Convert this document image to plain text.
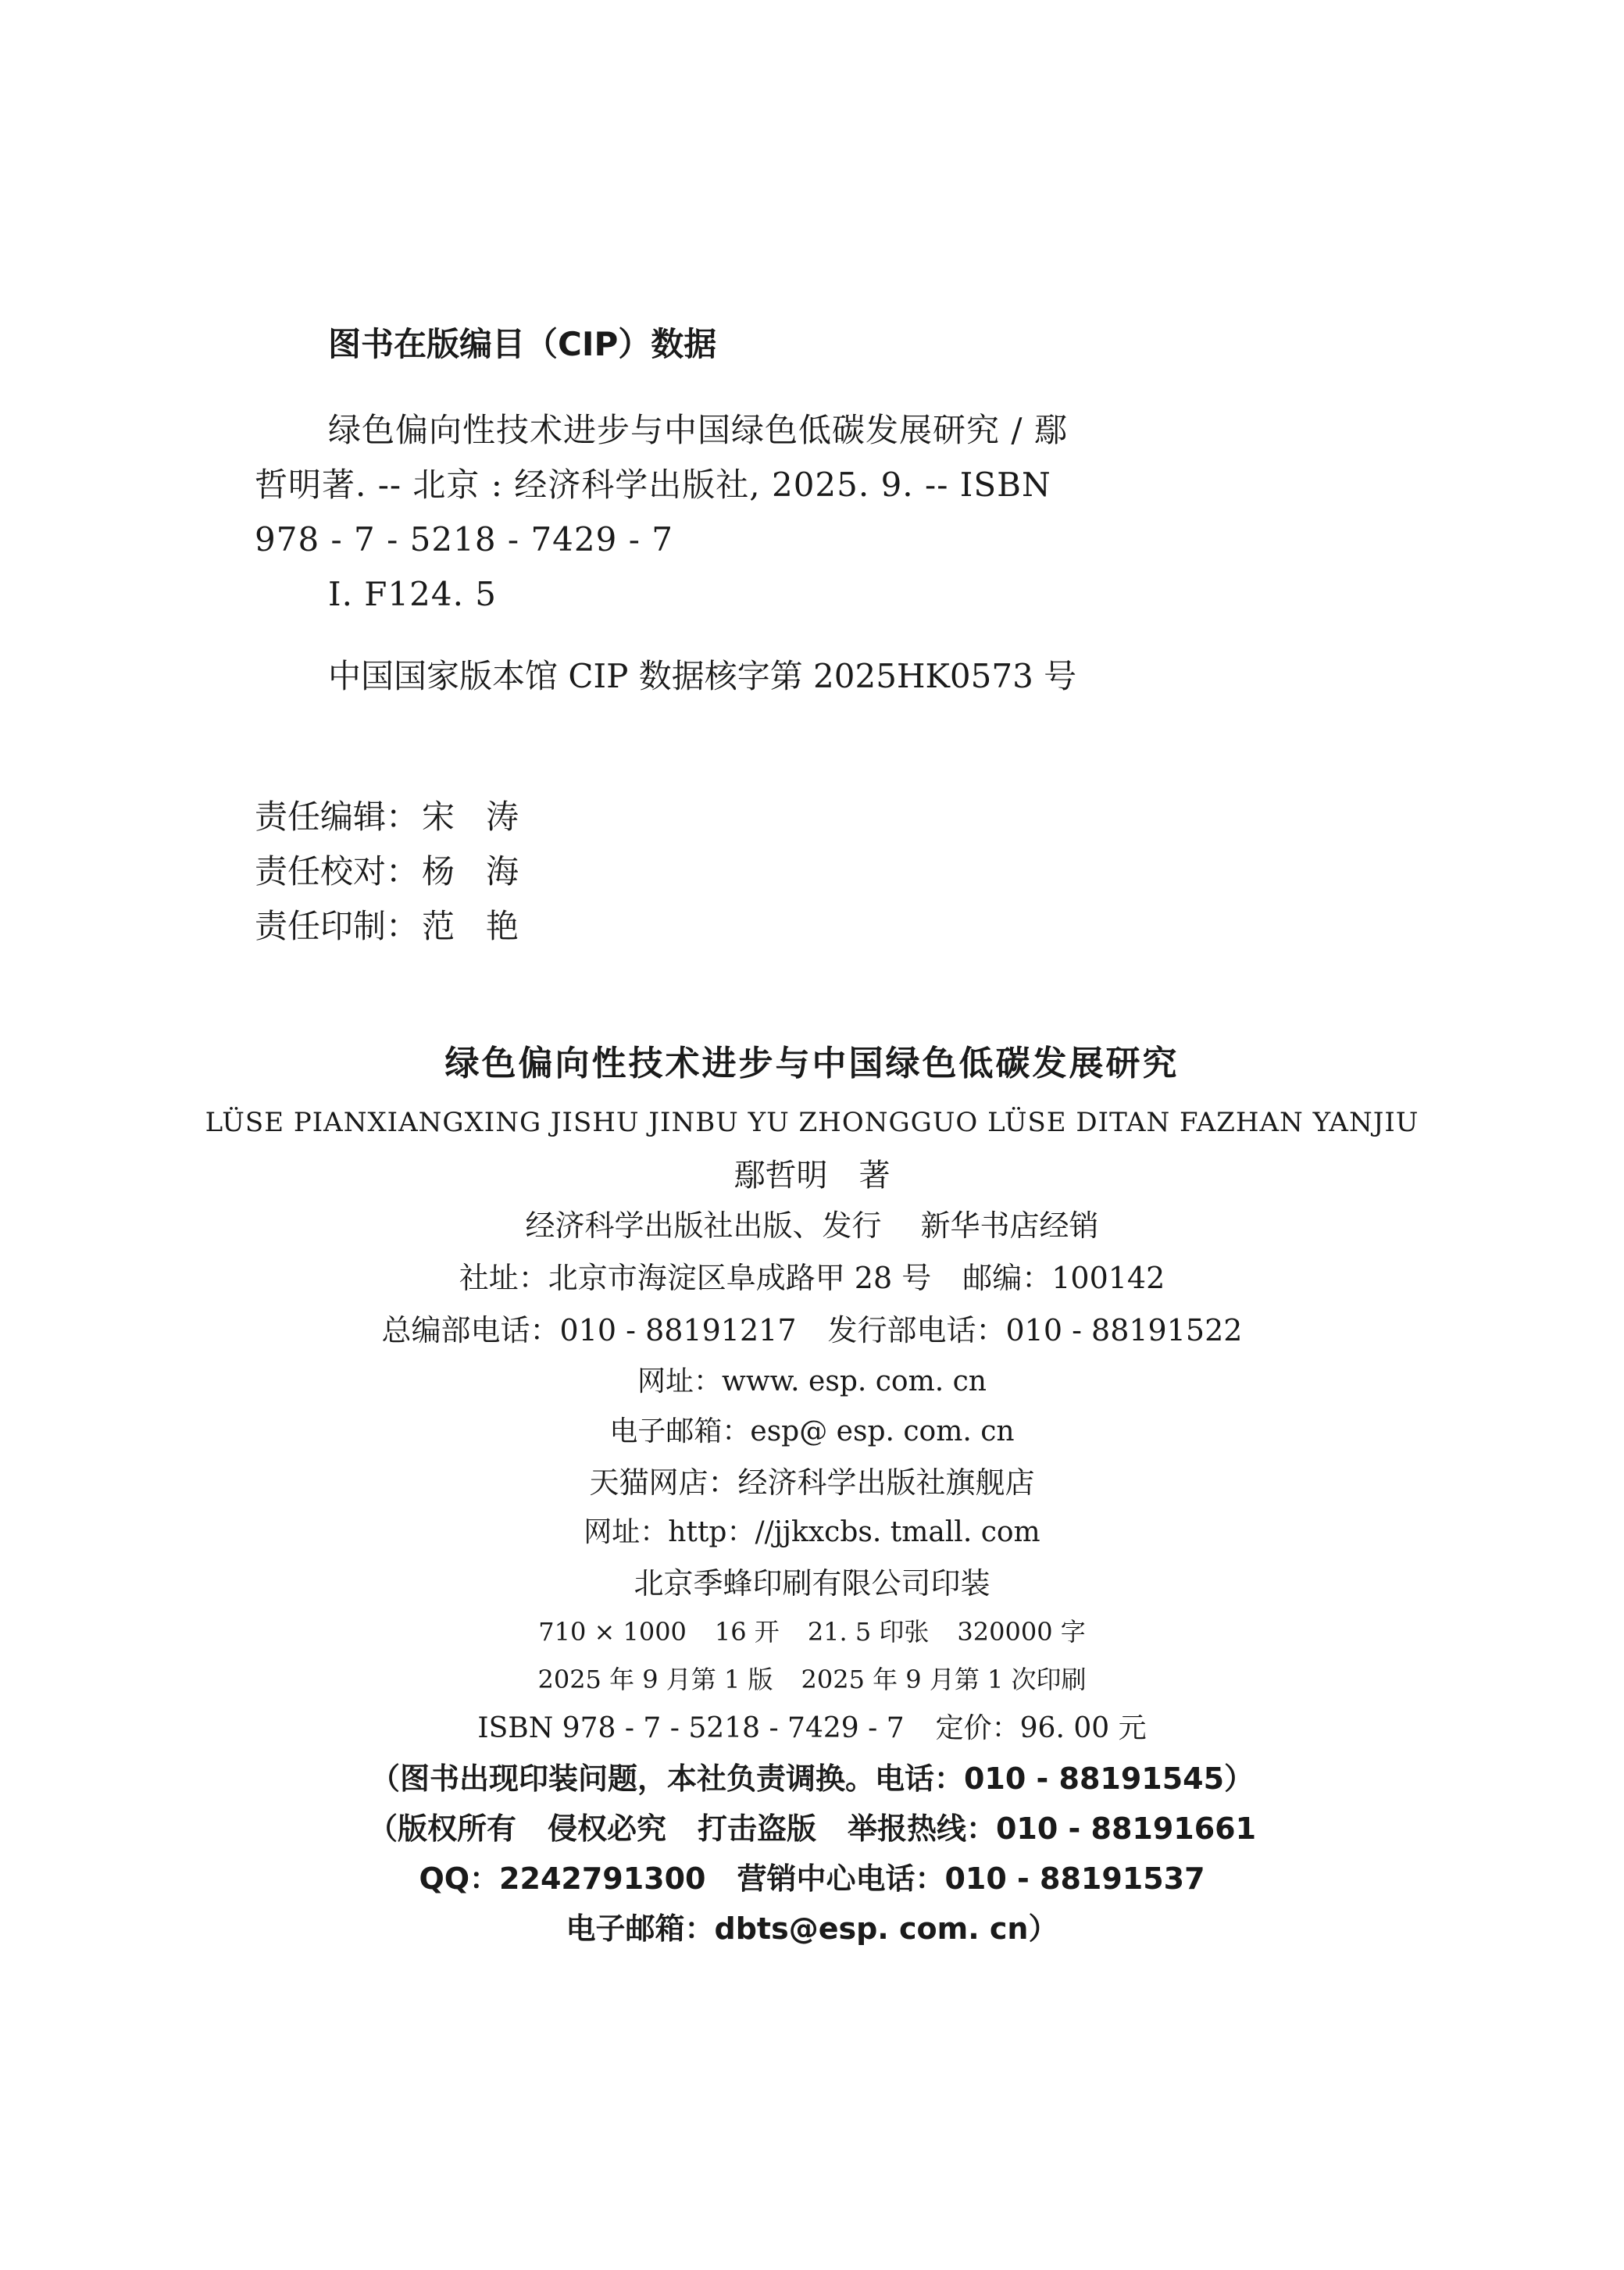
图书在版编目（CIP）数据
绿色偏向性技术进步与中国绿色低碳发展研究 / 鄢
哲明著. -- 北京 : 经济科学出版社, 2025. 9. -- ISBN
978 - 7 - 5218 - 7429 - 7
Ⅰ. F124. 5
中国国家版本馆 CIP 数据核字第 2025HK0573 号
责任编辑：宋涛
责任校对：杨海
责任印制：范艳
绿色偏向性技术进步与中国绿色低碳发展研究
LÜSE PIANXIANGXING JISHU JINBU YU ZHONGGUO LÜSE DITAN FAZHAN YANJIU
鄢哲明 著
经济科学出版社出版、发行 新华书店经销
社址：北京市海淀区阜成路甲 28 号 邮编：100142
总编部电话：010 - 88191217 发行部电话：010 - 88191522
网址：www. esp. com. cn
电子邮箱：esp@ esp. com. cn
天猫网店：经济科学出版社旗舰店
网址：http：//jjkxcbs. tmall. com
北京季蜂印刷有限公司印装
710 × 1000 16 开 21. 5 印张 320000 字
2025 年 9 月第 1 版 2025 年 9 月第 1 次印刷
ISBN 978 - 7 - 5218 - 7429 - 7 定价：96. 00 元
（图书出现印装问题，本社负责调换。电话：010 - 88191545）
（版权所有 侵权必究 打击盗版 举报热线：010 - 88191661
QQ：2242791300 营销中心电话：010 - 88191537
电子邮箱：dbts@esp. com. cn）
